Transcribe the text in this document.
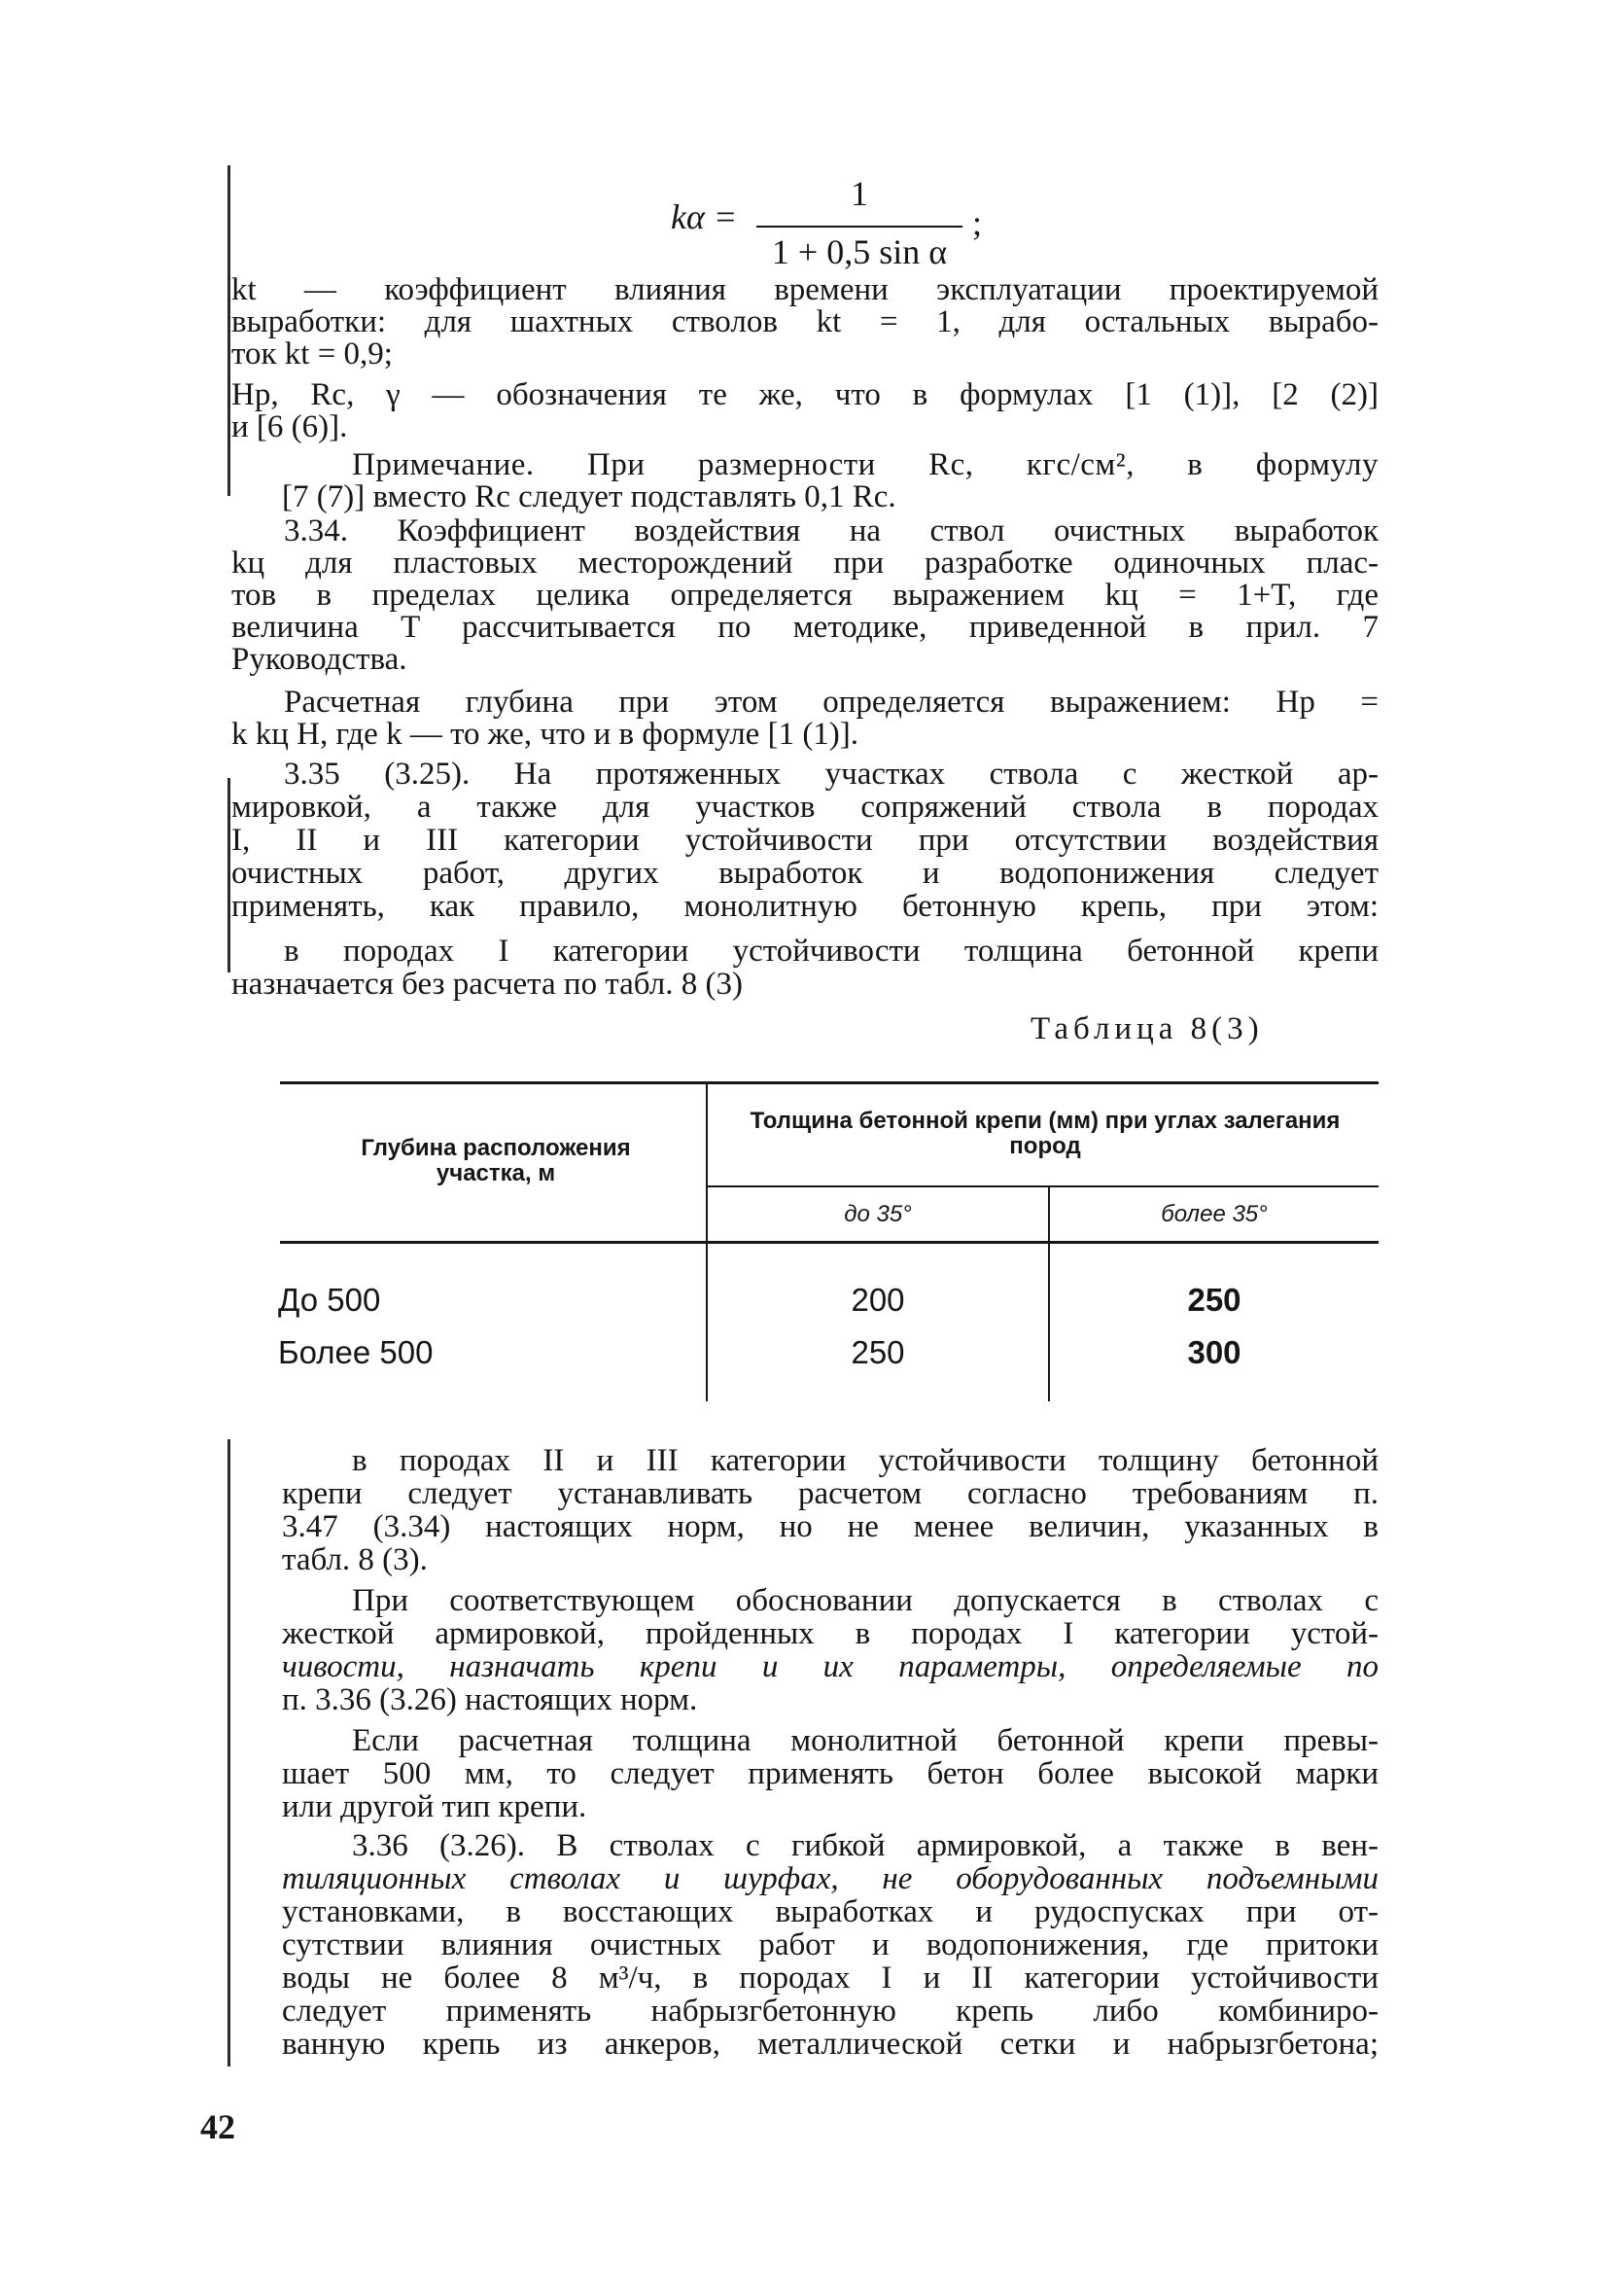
kα =
1
1 + 0,5 sin α
;
kt — коэффициент влияния времени эксплуатации проектируемой
выработки: для шахтных стволов kt = 1, для остальных вырабо-
ток kt = 0,9;
Hр, Rс, γ — обозначения те же, что в формулах [1 (1)], [2 (2)]
и [6 (6)].
Примечание. При размерности Rс, кгс/см², в формулу
[7 (7)] вместо Rс следует подставлять 0,1 Rс.
3.34. Коэффициент воздействия на ствол очистных выработок
kц для пластовых месторождений при разработке одиночных плас-
тов в пределах целика определяется выражением kц = 1+T, где
величина T рассчитывается по методике, приведенной в прил. 7
Руководства.
Расчетная глубина при этом определяется выражением: Hр =
k kц H, где k — то же, что и в формуле [1 (1)].
3.35 (3.25). На протяженных участках ствола с жесткой ар-
мировкой, а также для участков сопряжений ствола в породах
I, II и III категории устойчивости при отсутствии воздействия
очистных работ, других выработок и водопонижения следует
применять, как правило, монолитную бетонную крепь, при этом:
в породах I категории устойчивости толщина бетонной крепи
назначается без расчета по табл. 8 (3)
Таблица 8(3)
Глубина расположения участка, м
Толщина бетонной крепи (мм) при углах залегания пород
до 35°	более 35°
До 500	200	250
Более 500	250	300
в породах II и III категории устойчивости толщину бетонной
крепи следует устанавливать расчетом согласно требованиям п.
3.47 (3.34) настоящих норм, но не менее величин, указанных в
табл. 8 (3).
При соответствующем обосновании допускается в стволах с
жесткой армировкой, пройденных в породах I категории устой-
чивости, назначать крепи и их параметры, определяемые по
п. 3.36 (3.26) настоящих норм.
Если расчетная толщина монолитной бетонной крепи превы-
шает 500 мм, то следует применять бетон более высокой марки
или другой тип крепи.
3.36 (3.26). В стволах с гибкой армировкой, а также в вен-
тиляционных стволах и шурфах, не оборудованных подъемными
установками, в восстающих выработках и рудоспусках при от-
сутствии влияния очистных работ и водопонижения, где притоки
воды не более 8 м³/ч, в породах I и II категории устойчивости
следует применять набрызгбетонную крепь либо комбиниро-
ванную крепь из анкеров, металлической сетки и набрызгбетона;
42
